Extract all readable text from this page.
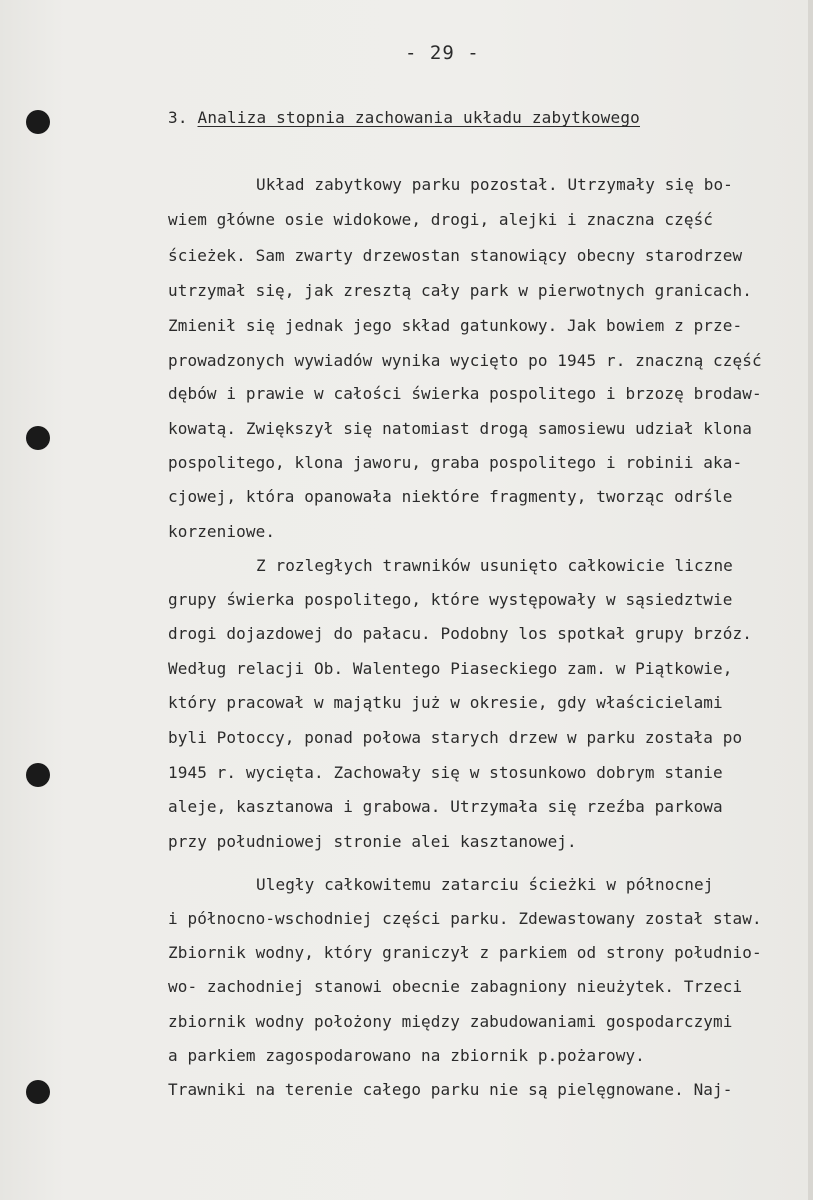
- 29 -
3. Analiza stopnia zachowania układu zabytkowego
Układ zabytkowy parku pozostał. Utrzymały się bo-
wiem główne osie widokowe, drogi, alejki i znaczna część
ścieżek. Sam zwarty drzewostan stanowiący obecny starodrzew
utrzymał się, jak zresztą cały park w pierwotnych granicach.
Zmienił się jednak jego skład gatunkowy. Jak bowiem z prze-
prowadzonych wywiadów wynika wycięto po 1945 r. znaczną część
dębów i prawie w całości świerka pospolitego i brzozę brodaw-
kowatą. Zwiększył się natomiast drogą samosiewu udział klona
pospolitego, klona jaworu, graba pospolitego i robinii aka-
cjowej, która opanowała niektóre fragmenty, tworząc odrśle
korzeniowe.
Z rozległych trawników usunięto całkowicie liczne
grupy świerka pospolitego, które występowały w sąsiedztwie
drogi dojazdowej do pałacu. Podobny los spotkał grupy brzóz.
Według relacji Ob. Walentego Piaseckiego zam. w Piątkowie,
który pracował w majątku już w okresie, gdy właścicielami
byli Potoccy, ponad połowa starych drzew w parku została po
1945 r. wycięta. Zachowały się w stosunkowo dobrym stanie
aleje, kasztanowa i grabowa. Utrzymała się rzeźba parkowa
przy południowej stronie alei kasztanowej.
Uległy całkowitemu zatarciu ścieżki w północnej
i północno-wschodniej części parku. Zdewastowany został staw.
Zbiornik wodny, który graniczył z parkiem od strony południo-
wo- zachodniej stanowi obecnie zabagniony nieużytek. Trzeci
zbiornik wodny położony między zabudowaniami gospodarczymi
a parkiem zagospodarowano na zbiornik p.pożarowy.
Trawniki na terenie całego parku nie są pielęgnowane. Naj-
